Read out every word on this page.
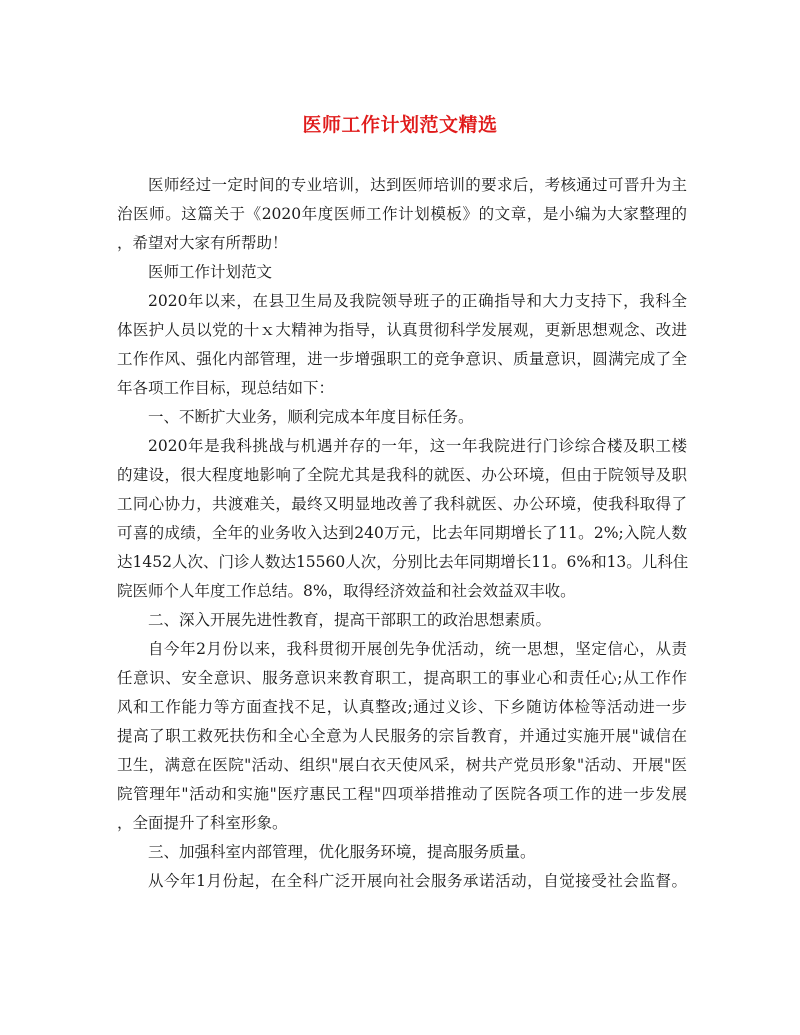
医师工作计划范文精选
医师经过一定时间的专业培训，达到医师培训的要求后，考核通过可晋升为主
治医师。这篇关于《2020年度医师工作计划模板》的文章，是小编为大家整理的
，希望对大家有所帮助！
医师工作计划范文
2020年以来，在县卫生局及我院领导班子的正确指导和大力支持下，我科全
体医护人员以党的十ｘ大精神为指导，认真贯彻科学发展观，更新思想观念、改进
工作作风、强化内部管理，进一步增强职工的竞争意识、质量意识，圆满完成了全
年各项工作目标，现总结如下：
一、不断扩大业务，顺利完成本年度目标任务。
2020年是我科挑战与机遇并存的一年，这一年我院进行门诊综合楼及职工楼
的建设，很大程度地影响了全院尤其是我科的就医、办公环境，但由于院领导及职
工同心协力，共渡难关，最终又明显地改善了我科就医、办公环境，使我科取得了
可喜的成绩，全年的业务收入达到240万元，比去年同期增长了11。2%;入院人数
达1452人次、门诊人数达15560人次，分别比去年同期增长11。6%和13。儿科住
院医师个人年度工作总结。8%，取得经济效益和社会效益双丰收。
二、深入开展先进性教育，提高干部职工的政治思想素质。
自今年2月份以来，我科贯彻开展创先争优活动，统一思想，坚定信心，从责
任意识、安全意识、服务意识来教育职工，提高职工的事业心和责任心;从工作作
风和工作能力等方面查找不足，认真整改;通过义诊、下乡随访体检等活动进一步
提高了职工救死扶伤和全心全意为人民服务的宗旨教育，并通过实施开展"诚信在
卫生，满意在医院"活动、组织"展白衣天使风采，树共产党员形象"活动、开展"医
院管理年"活动和实施"医疗惠民工程"四项举措推动了医院各项工作的进一步发展
，全面提升了科室形象。
三、加强科室内部管理，优化服务环境，提高服务质量。
从今年1月份起，在全科广泛开展向社会服务承诺活动，自觉接受社会监督。
